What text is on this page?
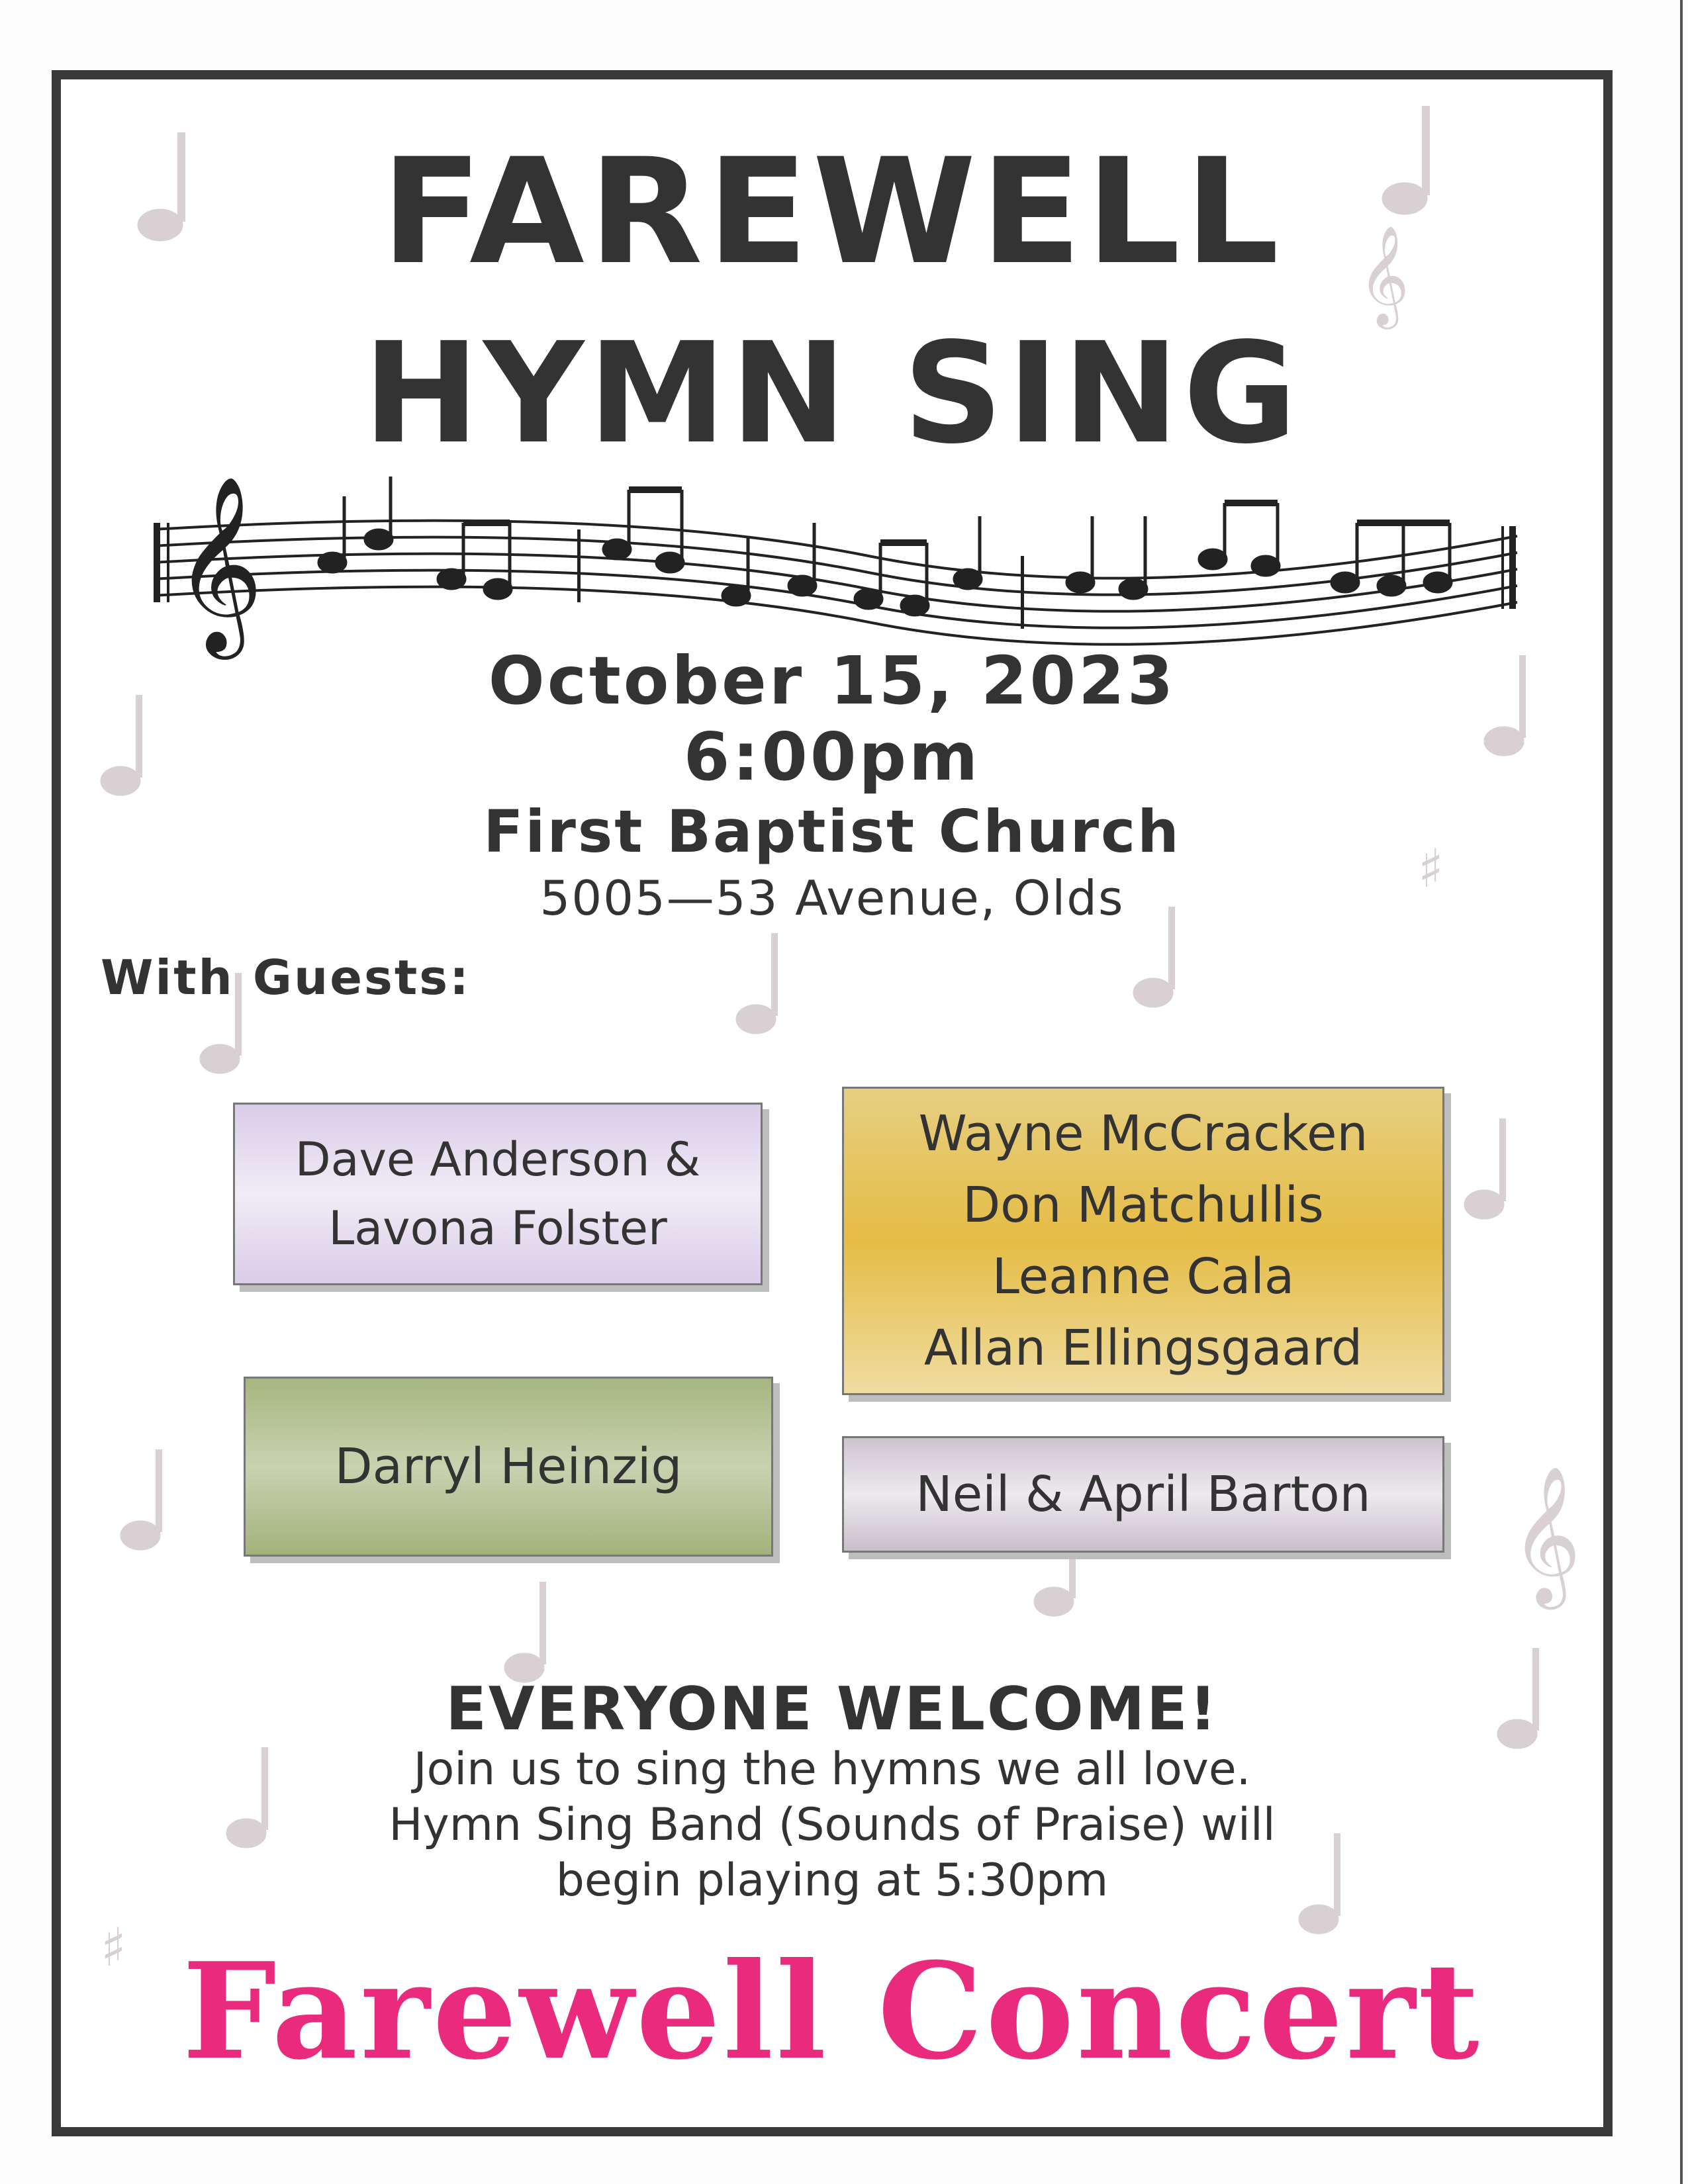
𝄞
𝄞
♯
♯
FAREWELL
HYMN SING
𝄞
October 15, 2023
6:00pm
First Baptist Church
5005—53 Avenue, Olds
With Guests:
Dave Anderson &
Lavona Folster
Wayne McCracken
Don Matchullis
Leanne Cala
Allan Ellingsgaard
Darryl Heinzig	Neil & April Barton
EVERYONE WELCOME!
Join us to sing the hymns we all love.
Hymn Sing Band (Sounds of Praise) will
begin playing at 5:30pm
Farewell Concert
